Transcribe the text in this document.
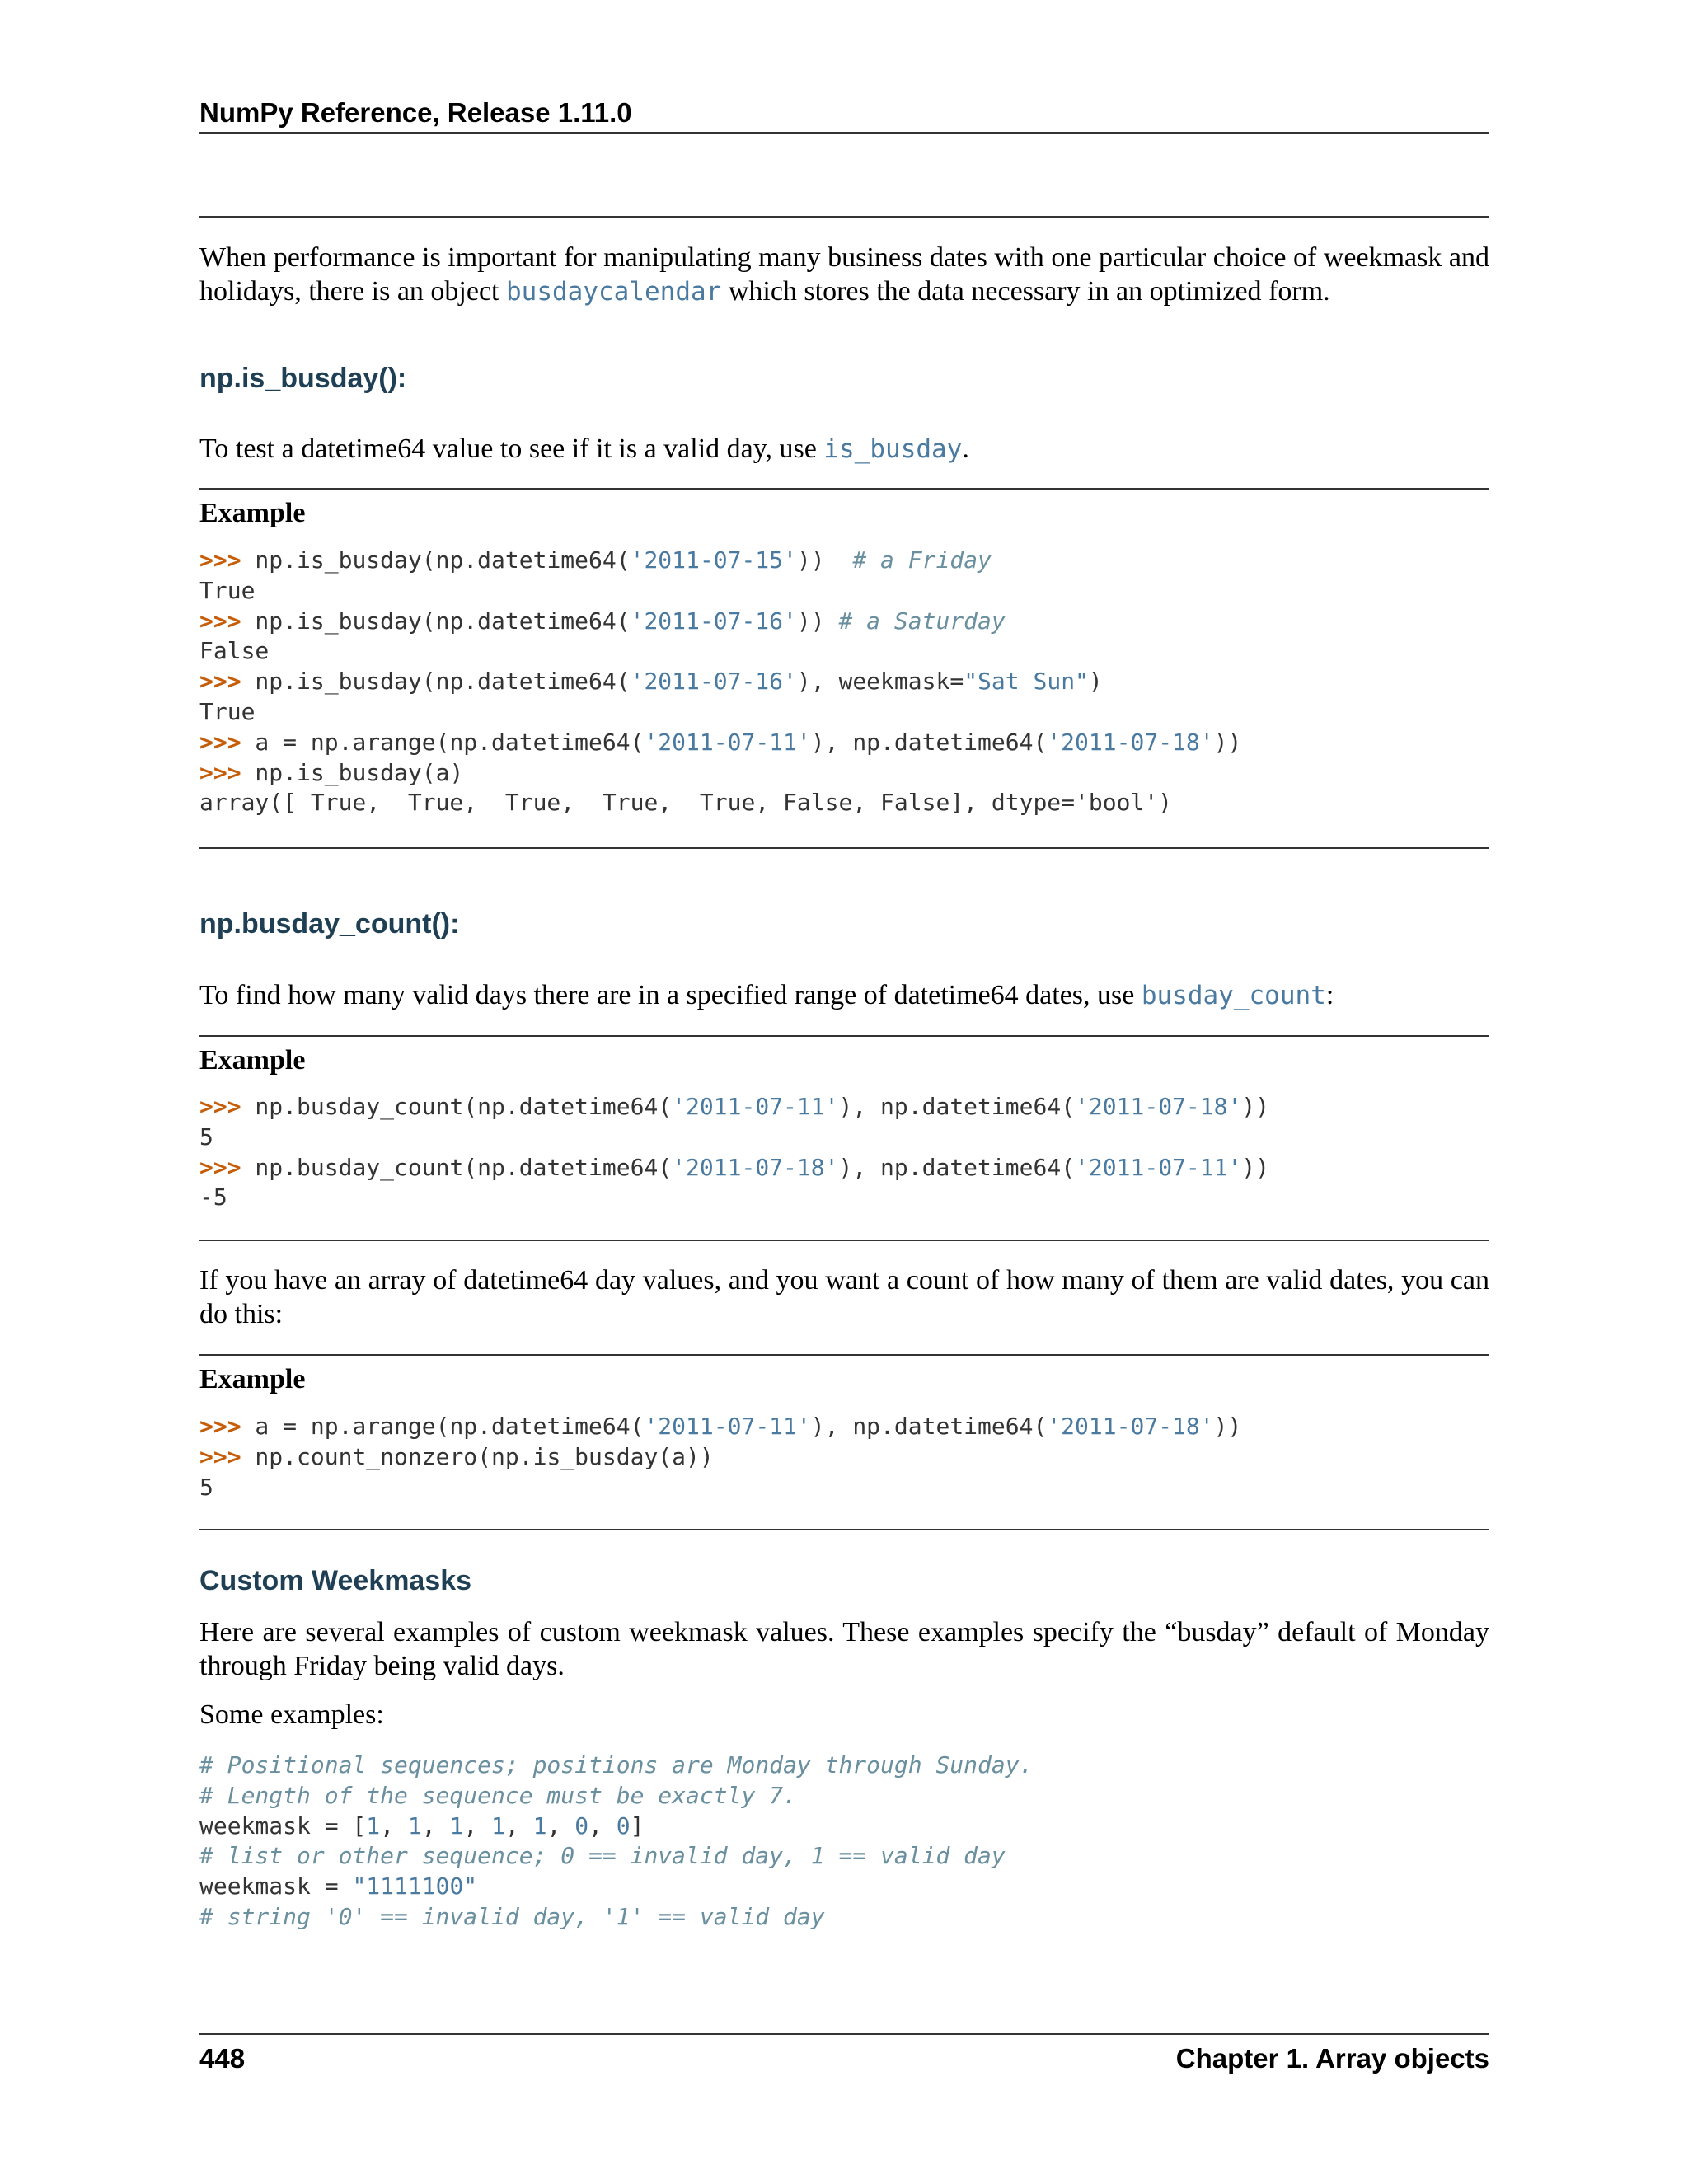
NumPy Reference, Release 1.11.0

When performance is important for manipulating many business dates with one particular choice of weekmask and holidays, there is an object busdaycalendar which stores the data necessary in an optimized form.

np.is_busday():

To test a datetime64 value to see if it is a valid day, use is_busday.

Example
>>> np.is_busday(np.datetime64('2011-07-15'))  # a Friday
True
>>> np.is_busday(np.datetime64('2011-07-16')) # a Saturday
False
>>> np.is_busday(np.datetime64('2011-07-16'), weekmask="Sat Sun")
True
>>> a = np.arange(np.datetime64('2011-07-11'), np.datetime64('2011-07-18'))
>>> np.is_busday(a)
array([ True,  True,  True,  True,  True, False, False], dtype='bool')
np.busday_count():

To find how many valid days there are in a specified range of datetime64 dates, use busday_count:

Example
>>> np.busday_count(np.datetime64('2011-07-11'), np.datetime64('2011-07-18'))
5
>>> np.busday_count(np.datetime64('2011-07-18'), np.datetime64('2011-07-11'))
-5

If you have an array of datetime64 day values, and you want a count of how many of them are valid dates, you can do this:

Example
>>> a = np.arange(np.datetime64('2011-07-11'), np.datetime64('2011-07-18'))
>>> np.count_nonzero(np.is_busday(a))
5
Custom Weekmasks

Here are several examples of custom weekmask values. These examples specify the “busday” default of Monday through Friday being valid days.

Some examples:

# Positional sequences; positions are Monday through Sunday.
# Length of the sequence must be exactly 7.
weekmask = [1, 1, 1, 1, 1, 0, 0]
# list or other sequence; 0 == invalid day, 1 == valid day
weekmask = "1111100"
# string '0' == invalid day, '1' == valid day
448	Chapter 1. Array objects
